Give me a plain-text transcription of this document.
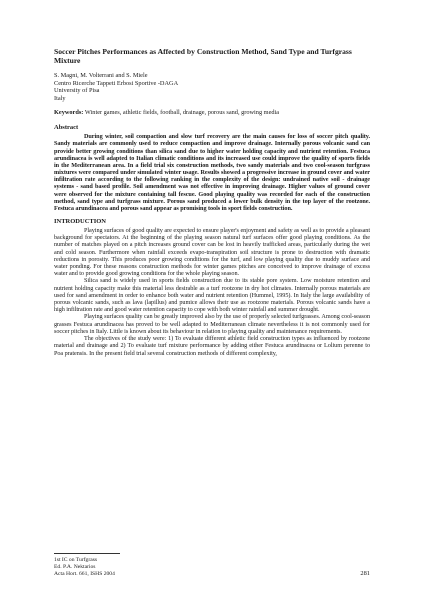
Soccer Pitches Performances as Affected by Construction Method, Sand Type and Turfgrass Mixture

S. Magni, M. Volterrani and S. Miele

Centro Ricerche Tappeti Erbosi Sportive -DAGA

University of Pisa

Italy

Keywords: Winter games, athletic fields, football, drainage, porous sand, growing media

Abstract

During winter, soil compaction and slow turf recovery are the main causes for loss of soccer pitch quality. Sandy materials are commonly used to reduce compaction and improve drainage. Internally porous volcanic sand can provide better growing conditions than silica sand due to higher water holding capacity and nutrient retention. Festuca arundinacea is well adapted to Italian climatic conditions and its increased use could improve the quality of sports fields in the Mediterranean area. In a field trial six construction methods, two sandy materials and two cool-season turfgrass mixtures were compared under simulated winter usage. Results showed a progressive increase in ground cover and water infiltration rate according to the following ranking in the complexity of the design: undrained native soil - drainage systems - sand based profile. Soil amendment was not effective in improving drainage. Higher values of ground cover were observed for the mixture containing tall fescue. Good playing quality was recorded for each of the construction method, sand type and turfgrass mixture. Porous sand produced a lower bulk density in the top layer of the rootzone. Festuca arundinacea and porous sand appear as promising tools in sport fields construction.

INTRODUCTION

Playing surfaces of good quality are expected to ensure player's enjoyment and safety as well as to provide a pleasant background for spectators. At the beginning of the playing season natural turf surfaces offer good playing conditions. As the number of matches played on a pitch increases ground cover can be lost in heavily trafficked areas, particularly during the wet and cold season. Furthermore when rainfall exceeds evapo-transpiration soil structure is prone to destruction with dramatic reductions in porosity. This produces poor growing conditions for the turf, and low playing quality due to muddy surface and water ponding. For these reasons construction methods for winter games pitches are conceived to improve drainage of excess water and to provide good growing conditions for the whole playing season.

Silica sand is widely used in sports fields construction due to its stable pore system. Low moisture retention and nutrient holding capacity make this material less desirable as a turf rootzone in dry hot climates. Internally porous materials are used for sand amendment in order to enhance both water and nutrient retention (Hummel, 1995). In Italy the large availability of porous volcanic sands, such as lava (lapillus) and pumice allows their use as rootzone materials. Porous volcanic sands have a high infiltration rate and good water retention capacity to cope with both winter rainfall and summer drought.

Playing surfaces quality can be greatly improved also by the use of properly selected turfgrasses. Among cool-season grasses Festuca arundinacea has proved to be well adapted to Mediterranean climate nevertheless it is not commonly used for soccer pitches in Italy. Little is known about its behaviour in relation to playing quality and maintenance requirements.

The objectives of the study were: 1) To evaluate different athletic field construction types as influenced by rootzone material and drainage and 2) To evaluate turf mixture performance by adding either Festuca arundinacea or Lolium perenne to Poa pratensis. In the present field trial several construction methods of different complexity,

1st IC on Turfgrass

Ed. P.A. Nektarios

Acta Hort. 661, ISHS 2004	281
